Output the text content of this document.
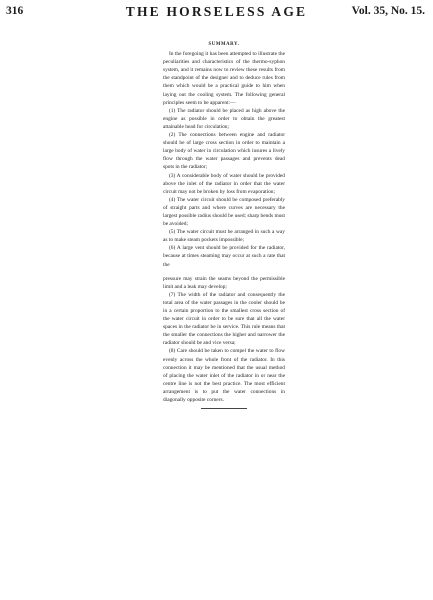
316	THE HORSELESS AGE	Vol. 35, No. 15.
SUMMARY.

In the foregoing it has been attempted to illustrate the peculiarities and characteristics of the thermo-syphon system, and it remains now to review these results from the standpoint of the designer and to deduce rules from them which would be a practical guide to him when laying out the cooling system. The following general principles seem to be apparent:—

(1) The radiator should be placed as high above the engine as possible in order to obtain the greatest attainable head for circulation;

(2) The connections between engine and radiator should be of large cross section in order to maintain a large body of water in circulation which insures a lively flow through the water passages and prevents dead spots in the radiator;

(3) A considerable body of water should be provided above the inlet of the radiator in order that the water circuit may not be broken by loss from evaporation;

(4) The water circuit should be composed preferably of straight parts and where curves are necessary the largest possible radius should be used; sharp bends must be avoided;

(5) The water circuit must be arranged in such a way as to make steam pockets impossible;

(6) A large vent should be provided for the radiator, because at times steaming may occur at such a rate that the

pressure may strain the seams beyond the permissible limit and a leak may develop;

(7) The width of the radiator and consequently the total area of the water passages in the cooler should be in a certain proportion to the smallest cross section of the water circuit in order to be sure that all the water spaces in the radiator be in service. This rule means that the smaller the connections the higher and narrower the radiator should be and vice versa;

(8) Care should be taken to compel the water to flow evenly across the whole front of the radiator. In this connection it may be mentioned that the usual method of placing the water inlet of the radiator in or near the centre line is not the best practice. The most efficient arrangement is to put the water connections in diagonally opposite corners.
